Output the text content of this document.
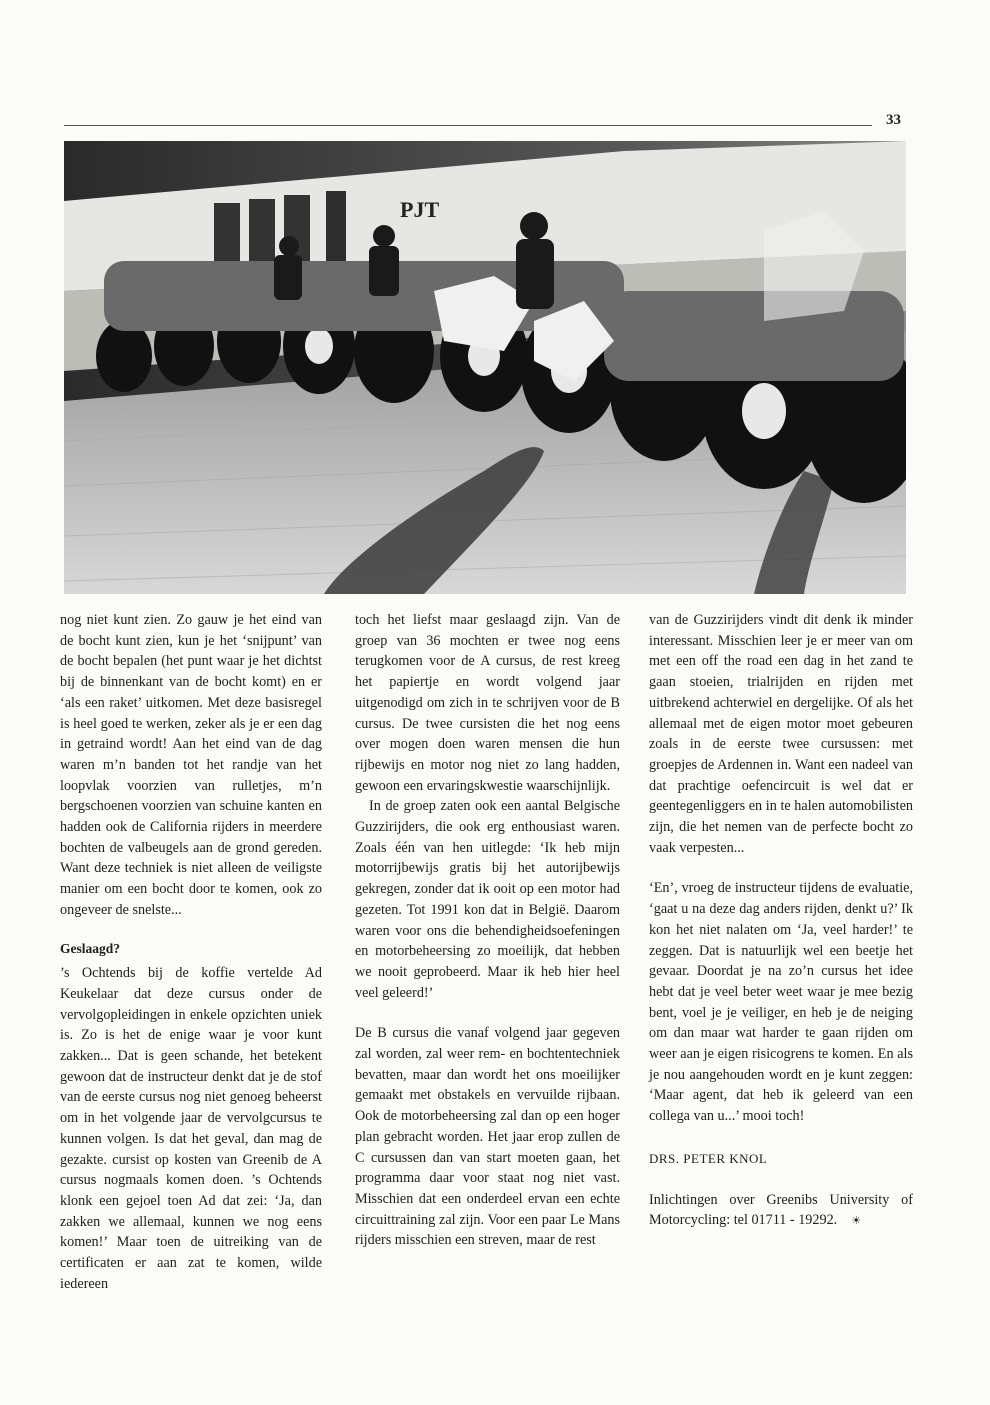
33
PJT

nog niet kunt zien. Zo gauw je het eind van de bocht kunt zien, kun je het ‘snijpunt’ van de bocht bepalen (het punt waar je het dichtst bij de binnenkant van de bocht komt) en er ‘als een raket’ uitkomen. Met deze basisregel is heel goed te werken, zeker als je er een dag in getraind wordt! Aan het eind van de dag waren m’n banden tot het randje van het loopvlak voorzien van rulletjes, m’n bergschoenen voorzien van schuine kanten en hadden ook de California rijders in meerdere bochten de valbeugels aan de grond gereden. Want deze techniek is niet alleen de veiligste manier om een bocht door te komen, ook zo ongeveer de snelste...

Geslaagd?

’s Ochtends bij de koffie vertelde Ad Keukelaar dat deze cursus onder de vervolgopleidingen in enkele opzichten uniek is. Zo is het de enige waar je voor kunt zakken... Dat is geen schande, het betekent gewoon dat de instructeur denkt dat je de stof van de eerste cursus nog niet genoeg beheerst om in het volgende jaar de vervolgcursus te kunnen volgen. Is dat het geval, dan mag de gezakte. cursist op kosten van Greenib de A cursus nogmaals komen doen. ’s Ochtends klonk een gejoel toen Ad dat zei: ‘Ja, dan zakken we allemaal, kunnen we nog eens komen!’ Maar toen de uitreiking van de certificaten er aan zat te komen, wilde iedereen

toch het liefst maar geslaagd zijn. Van de groep van 36 mochten er twee nog eens terugkomen voor de A cursus, de rest kreeg het papiertje en wordt volgend jaar uitgenodigd om zich in te schrijven voor de B cursus. De twee cursisten die het nog eens over mogen doen waren mensen die hun rijbewijs en motor nog niet zo lang hadden, gewoon een ervaringskwestie waarschijnlijk.

In de groep zaten ook een aantal Belgische Guzzirijders, die ook erg enthousiast waren. Zoals één van hen uitlegde: ‘Ik heb mijn motorrijbewijs gratis bij het autorijbewijs gekregen, zonder dat ik ooit op een motor had gezeten. Tot 1991 kon dat in België. Daarom waren voor ons die behendigheidsoefeningen en motorbeheersing zo moeilijk, dat hebben we nooit geprobeerd. Maar ik heb hier heel veel geleerd!’

De B cursus die vanaf volgend jaar gegeven zal worden, zal weer rem- en bochtentechniek bevatten, maar dan wordt het ons moeilijker gemaakt met obstakels en vervuilde rijbaan. Ook de motorbeheersing zal dan op een hoger plan gebracht worden. Het jaar erop zullen de C cursussen dan van start moeten gaan, het programma daar voor staat nog niet vast. Misschien dat een onderdeel ervan een echte circuittraining zal zijn. Voor een paar Le Mans rijders misschien een streven, maar de rest

van de Guzzirijders vindt dit denk ik minder interessant. Misschien leer je er meer van om met een off the road een dag in het zand te gaan stoeien, trialrijden en rijden met uitbrekend achterwiel en dergelijke. Of als het allemaal met de eigen motor moet gebeuren zoals in de eerste twee cursussen: met groepjes de Ardennen in. Want een nadeel van dat prachtige oefencircuit is wel dat er geentegenliggers en in te halen automobilisten zijn, die het nemen van de perfecte bocht zo vaak verpesten...

‘En’, vroeg de instructeur tijdens de evaluatie, ‘gaat u na deze dag anders rijden, denkt u?’ Ik kon het niet nalaten om ‘Ja, veel harder!’ te zeggen. Dat is natuurlijk wel een beetje het gevaar. Doordat je na zo’n cursus het idee hebt dat je veel beter weet waar je mee bezig bent, voel je je veiliger, en heb je de neiging om dan maar wat harder te gaan rijden om weer aan je eigen risicogrens te komen. En als je nou aangehouden wordt en je kunt zeggen: ‘Maar agent, dat heb ik geleerd van een collega van u...’ mooi toch!

DRS. PETER KNOL

Inlichtingen over Greenibs University of Motorcycling: tel 01711 - 19292. ☀
